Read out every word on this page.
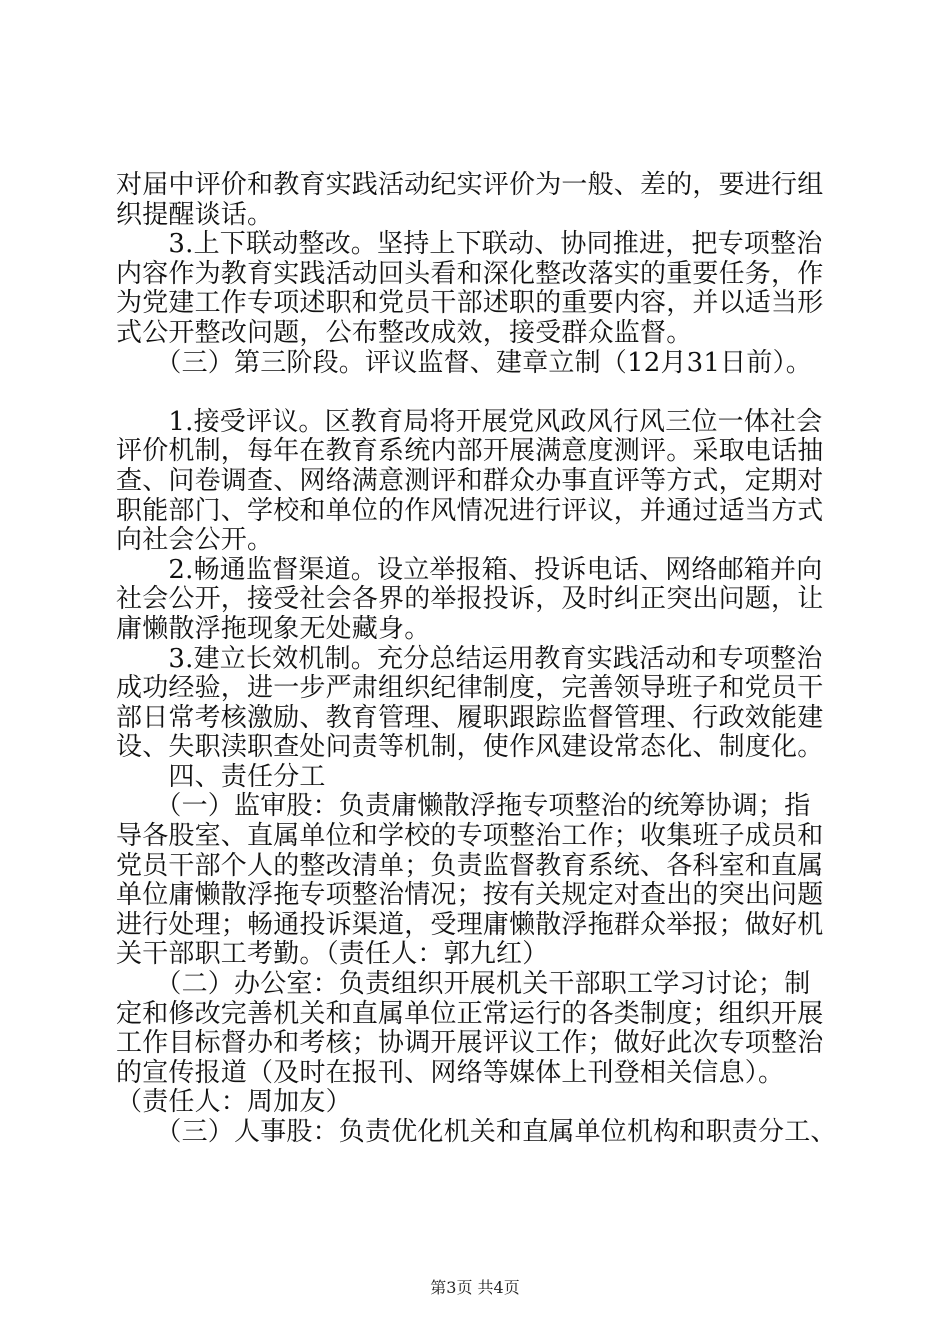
对届中评价和教育实践活动纪实评价为一般、差的，要进行组
织提醒谈话。
　　3.上下联动整改。坚持上下联动、协同推进，把专项整治
内容作为教育实践活动回头看和深化整改落实的重要任务，作
为党建工作专项述职和党员干部述职的重要内容，并以适当形
式公开整改问题，公布整改成效，接受群众监督。
　　（三）第三阶段。评议监督、建章立制（12月31日前）。
　　1.接受评议。区教育局将开展党风政风行风三位一体社会
评价机制，每年在教育系统内部开展满意度测评。采取电话抽
查、问卷调查、网络满意测评和群众办事直评等方式，定期对
职能部门、学校和单位的作风情况进行评议，并通过适当方式
向社会公开。
　　2.畅通监督渠道。设立举报箱、投诉电话、网络邮箱并向
社会公开，接受社会各界的举报投诉，及时纠正突出问题，让
庸懒散浮拖现象无处藏身。
　　3.建立长效机制。充分总结运用教育实践活动和专项整治
成功经验，进一步严肃组织纪律制度，完善领导班子和党员干
部日常考核激励、教育管理、履职跟踪监督管理、行政效能建
设、失职渎职查处问责等机制，使作风建设常态化、制度化。
　　四、责任分工
　　（一）监审股：负责庸懒散浮拖专项整治的统筹协调；指
导各股室、直属单位和学校的专项整治工作；收集班子成员和
党员干部个人的整改清单；负责监督教育系统、各科室和直属
单位庸懒散浮拖专项整治情况；按有关规定对查出的突出问题
进行处理；畅通投诉渠道，受理庸懒散浮拖群众举报；做好机
关干部职工考勤。（责任人：郭九红）
　　（二）办公室：负责组织开展机关干部职工学习讨论；制
定和修改完善机关和直属单位正常运行的各类制度；组织开展
工作目标督办和考核；协调开展评议工作；做好此次专项整治
的宣传报道（及时在报刊、网络等媒体上刊登相关信息）。
（责任人：周加友）
　　（三）人事股：负责优化机关和直属单位机构和职责分工、
第3页 共4页
